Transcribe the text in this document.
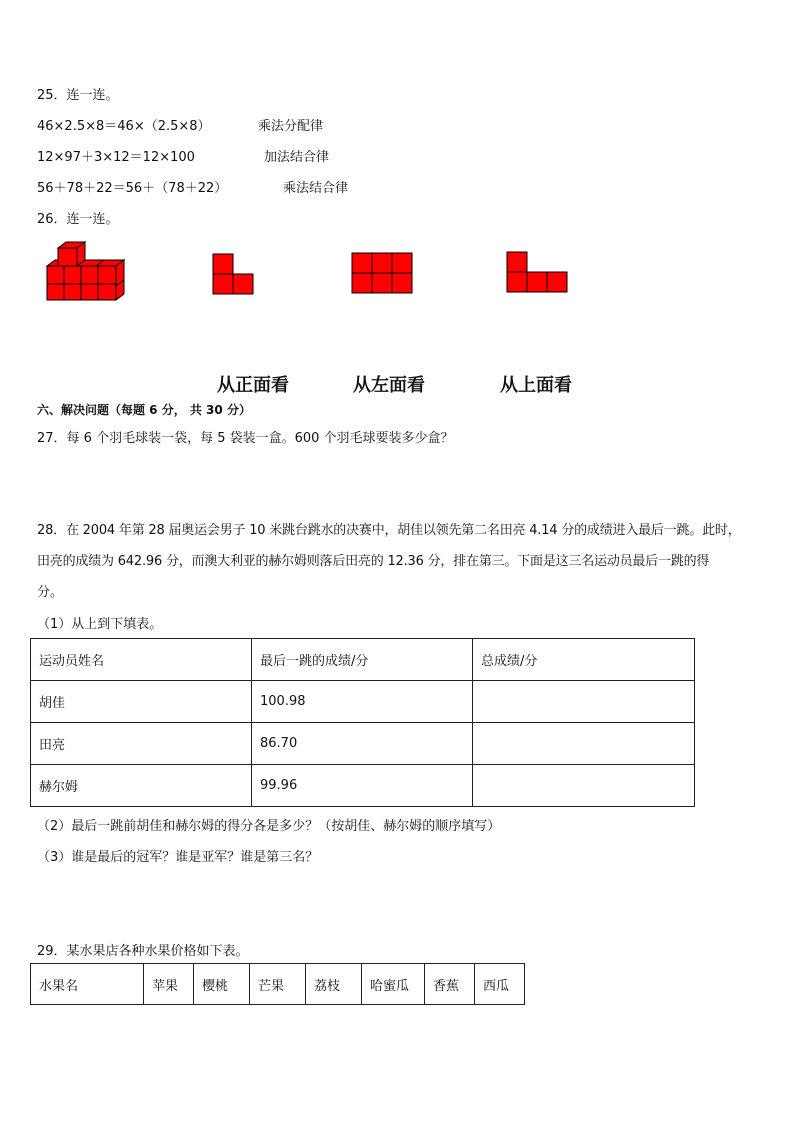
25．连一连。
46×2.5×8＝46×（2.5×8）
12×97＋3×12＝12×100
56＋78＋22＝56＋（78＋22）
乘法分配律
加法结合律
乘法结合律
26．连一连。
从正面看	从左面看	从上面看
六、解决问题（每题 6 分， 共 30 分）
27．每 6 个羽毛球装一袋，每 5 袋装一盒。600 个羽毛球要装多少盒？
28．在 2004 年第 28 届奥运会男子 10 米跳台跳水的决赛中，胡佳以领先第二名田亮 4.14 分的成绩进入最后一跳。此时，
田亮的成绩为 642.96 分，而澳大利亚的赫尔姆则落后田亮的 12.36 分，排在第三。下面是这三名运动员最后一跳的得
分。
（1）从上到下填表。
运动员姓名	最后一跳的成绩/分	总成绩/分
胡佳	100.98	
田亮	86.70	
赫尔姆	99.96	
（2）最后一跳前胡佳和赫尔姆的得分各是多少？（按胡佳、赫尔姆的顺序填写）
（3）谁是最后的冠军？谁是亚军？谁是第三名？
29．某水果店各种水果价格如下表。
水果名	苹果	樱桃	芒果	荔枝	哈蜜瓜	香蕉	西瓜
